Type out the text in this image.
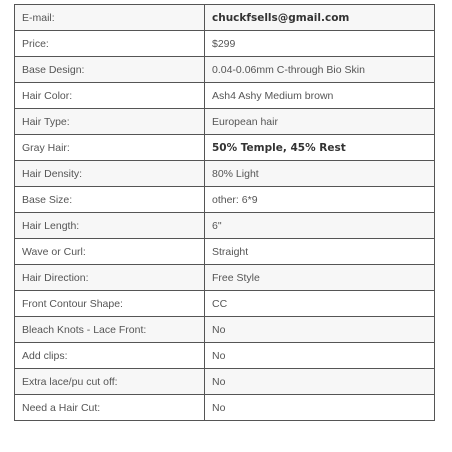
E-mail:	chuckfsells@gmail.com
Price:	$299
Base Design:	0.04-0.06mm C-through Bio Skin
Hair Color:	Ash4 Ashy Medium brown
Hair Type:	European hair
Gray Hair:	50% Temple, 45% Rest
Hair Density:	80% Light
Base Size:	other: 6*9
Hair Length:	6"
Wave or Curl:	Straight
Hair Direction:	Free Style
Front Contour Shape:	CC
Bleach Knots - Lace Front:	No
Add clips:	No
Extra lace/pu cut off:	No
Need a Hair Cut:	No
